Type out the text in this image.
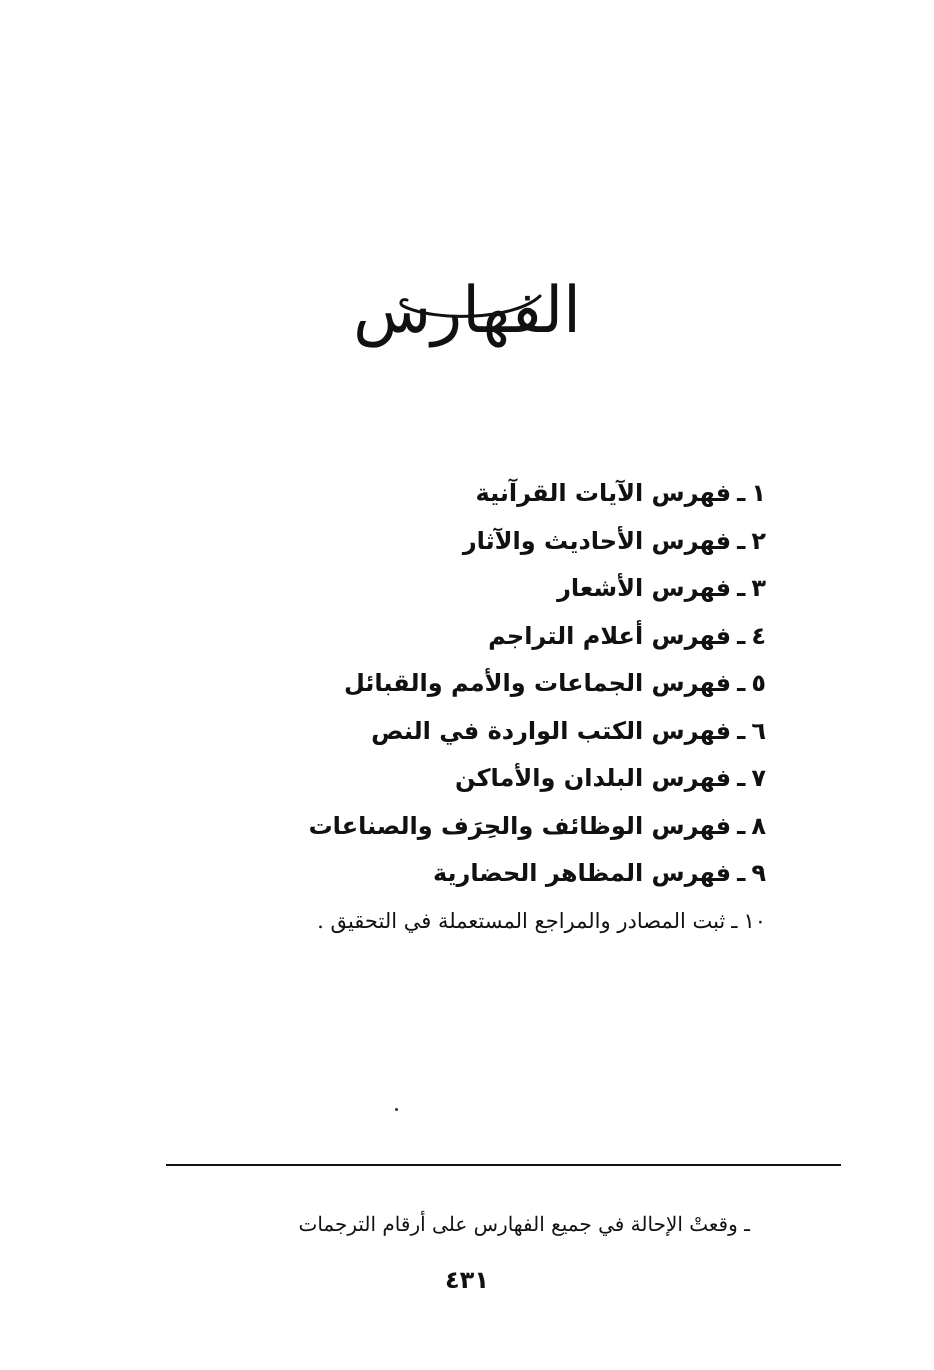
الفهارس
١ـفهرس الآيات القرآنية
٢ـفهرس الأحاديث والآثار
٣ـفهرس الأشعار
٤ـفهرس أعلام التراجم
٥ـفهرس الجماعات والأمم والقبائل
٦ـفهرس الكتب الواردة في النص
٧ـفهرس البلدان والأماكن
٨ـفهرس الوظائف والحِرَف والصناعات
٩ـفهرس المظاهر الحضارية
١٠ـثبت المصادر والمراجع المستعملة في التحقيق .

ـ وقعتْ الإحالة في جميع الفهارس على أرقام الترجمات

٤٣١
